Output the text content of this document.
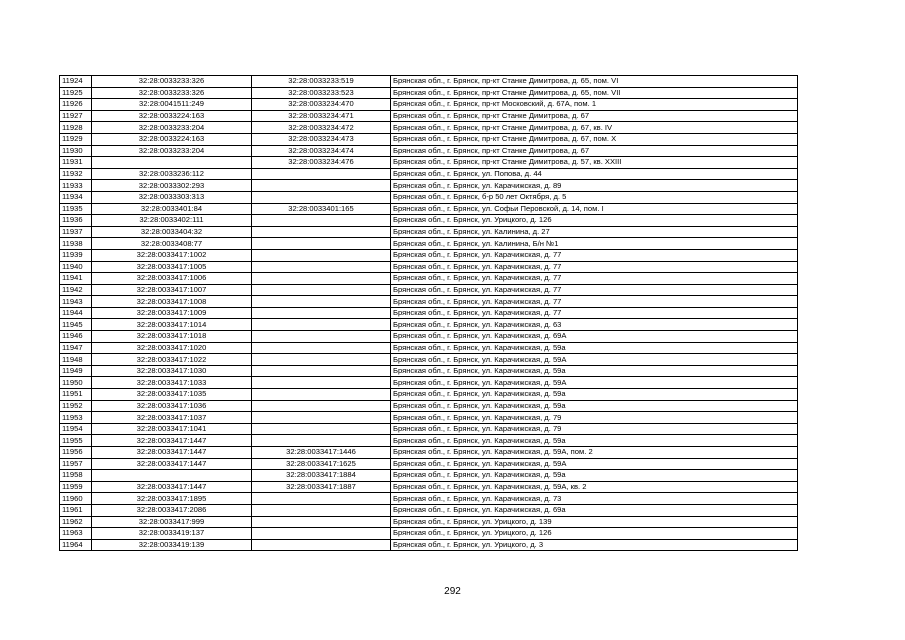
11924	32:28:0033233:326	32:28:0033233:519	Брянская обл., г. Брянск, пр-кт Станке Димитрова, д. 65, пом. VI
11925	32:28:0033233:326	32:28:0033233:523	Брянская обл., г. Брянск, пр-кт Станке Димитрова, д. 65, пом. VII
11926	32:28:0041511:249	32:28:0033234:470	Брянская обл., г. Брянск, пр-кт Московский, д. 67А, пом. 1
11927	32:28:0033224:163	32:28:0033234:471	Брянская обл., г. Брянск, пр-кт Станке Димитрова, д. 67
11928	32:28:0033233:204	32:28:0033234:472	Брянская обл., г. Брянск, пр-кт Станке Димитрова, д. 67, кв. IV
11929	32:28:0033224:163	32:28:0033234:473	Брянская обл., г. Брянск, пр-кт Станке Димитрова, д. 67, пом. X
11930	32:28:0033233:204	32:28:0033234:474	Брянская обл., г. Брянск, пр-кт Станке Димитрова, д. 67
11931		32:28:0033234:476	Брянская обл., г. Брянск, пр-кт Станке Димитрова, д. 57, кв. XXIII
11932	32:28:0033236:112		Брянская обл., г. Брянск, ул. Попова, д. 44
11933	32:28:0033302:293		Брянская обл., г. Брянск, ул. Карачижская, д. 89
11934	32:28:0033303:313		Брянская обл., г. Брянск, б-р 50 лет Октября, д. 5
11935	32:28:0033401:84	32:28:0033401:165	Брянская обл., г. Брянск, ул. Софьи Перовской, д. 14, пом. I
11936	32:28:0033402:111		Брянская обл., г. Брянск, ул. Урицкого, д. 126
11937	32:28:0033404:32		Брянская обл., г. Брянск, ул. Калинина, д. 27
11938	32:28:0033408:77		Брянская обл., г. Брянск, ул. Калинина, Б/н №1
11939	32:28:0033417:1002		Брянская обл., г. Брянск, ул. Карачижская, д. 77
11940	32:28:0033417:1005		Брянская обл., г. Брянск, ул. Карачижская, д. 77
11941	32:28:0033417:1006		Брянская обл., г. Брянск, ул. Карачижская, д. 77
11942	32:28:0033417:1007		Брянская обл., г. Брянск, ул. Карачижская, д. 77
11943	32:28:0033417:1008		Брянская обл., г. Брянск, ул. Карачижская, д. 77
11944	32:28:0033417:1009		Брянская обл., г. Брянск, ул. Карачижская, д. 77
11945	32:28:0033417:1014		Брянская обл., г. Брянск, ул. Карачижская, д. 63
11946	32:28:0033417:1018		Брянская обл., г. Брянск, ул. Карачижская, д. 69А
11947	32:28:0033417:1020		Брянская обл., г. Брянск, ул. Карачижская, д. 59а
11948	32:28:0033417:1022		Брянская обл., г. Брянск, ул. Карачижская, д. 59А
11949	32:28:0033417:1030		Брянская обл., г. Брянск, ул. Карачижская, д. 59а
11950	32:28:0033417:1033		Брянская обл., г. Брянск, ул. Карачижская, д. 59А
11951	32:28:0033417:1035		Брянская обл., г. Брянск, ул. Карачижская, д. 59а
11952	32:28:0033417:1036		Брянская обл., г. Брянск, ул. Карачижская, д. 59а
11953	32:28:0033417:1037		Брянская обл., г. Брянск, ул. Карачижская, д. 79
11954	32:28:0033417:1041		Брянская обл., г. Брянск, ул. Карачижская, д. 79
11955	32:28:0033417:1447		Брянская обл., г. Брянск, ул. Карачижская, д. 59а
11956	32:28:0033417:1447	32:28:0033417:1446	Брянская обл., г. Брянск, ул. Карачижская, д. 59А, пом. 2
11957	32:28:0033417:1447	32:28:0033417:1625	Брянская обл., г. Брянск, ул. Карачижская, д. 59А
11958		32:28:0033417:1884	Брянская обл., г. Брянск, ул. Карачижская, д. 59а
11959	32:28:0033417:1447	32:28:0033417:1887	Брянская обл., г. Брянск, ул. Карачижская, д. 59А, кв. 2
11960	32:28:0033417:1895		Брянская обл., г. Брянск, ул. Карачижская, д. 73
11961	32:28:0033417:2086		Брянская обл., г. Брянск, ул. Карачижская, д. 69а
11962	32:28:0033417:999		Брянская обл., г. Брянск, ул. Урицкого, д. 139
11963	32:28:0033419:137		Брянская обл., г. Брянск, ул. Урицкого, д. 126
11964	32:28:0033419:139		Брянская обл., г. Брянск, ул. Урицкого, д. 3
292
